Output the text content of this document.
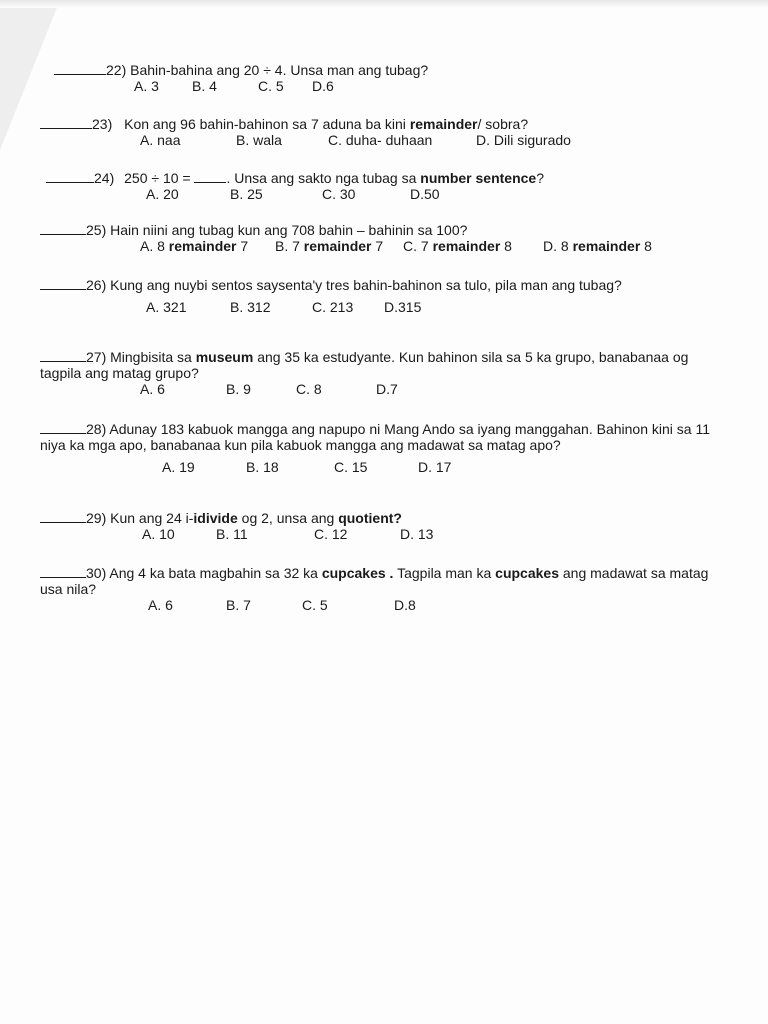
22) Bahin-bahina ang 20 ÷ 4. Unsa man ang tubag?
A. 3	B. 4	C. 5	D.6
23) Kon ang 96 bahin-bahinon sa 7 aduna ba kini remainder/ sobra?
A. naa	B. wala	C. duha- duhaan	D. Dili sigurado
24) 250 ÷ 10 =	. Unsa ang sakto nga tubag sa number sentence?
A. 20	B. 25	C. 30	D.50
25) Hain niini ang tubag kun ang 708 bahin – bahinin sa 100?
A. 8 remainder 7	B. 7 remainder 7	C. 7 remainder 8	D. 8 remainder 8
26) Kung ang nuybi sentos saysenta'y tres bahin-bahinon sa tulo, pila man ang tubag?
A. 321	B. 312	C. 213	D.315
27) Mingbisita sa museum ang 35 ka estudyante. Kun bahinon sila sa 5 ka grupo, banabanaa og tagpila ang matag grupo?
A. 6	B. 9	C. 8	D.7
28) Adunay 183 kabuok mangga ang napupo ni Mang Ando sa iyang manggahan. Bahinon kini sa 11 niya ka mga apo, banabanaa kun pila kabuok mangga ang madawat sa matag apo?
A. 19	B. 18	C. 15	D. 17
29) Kun ang 24 i-idivide og 2, unsa ang quotient?
A. 10	B. 11	C. 12	D. 13
30) Ang 4 ka bata magbahin sa 32 ka cupcakes . Tagpila man ka cupcakes ang madawat sa matag usa nila?
A. 6	B. 7	C. 5	D.8
